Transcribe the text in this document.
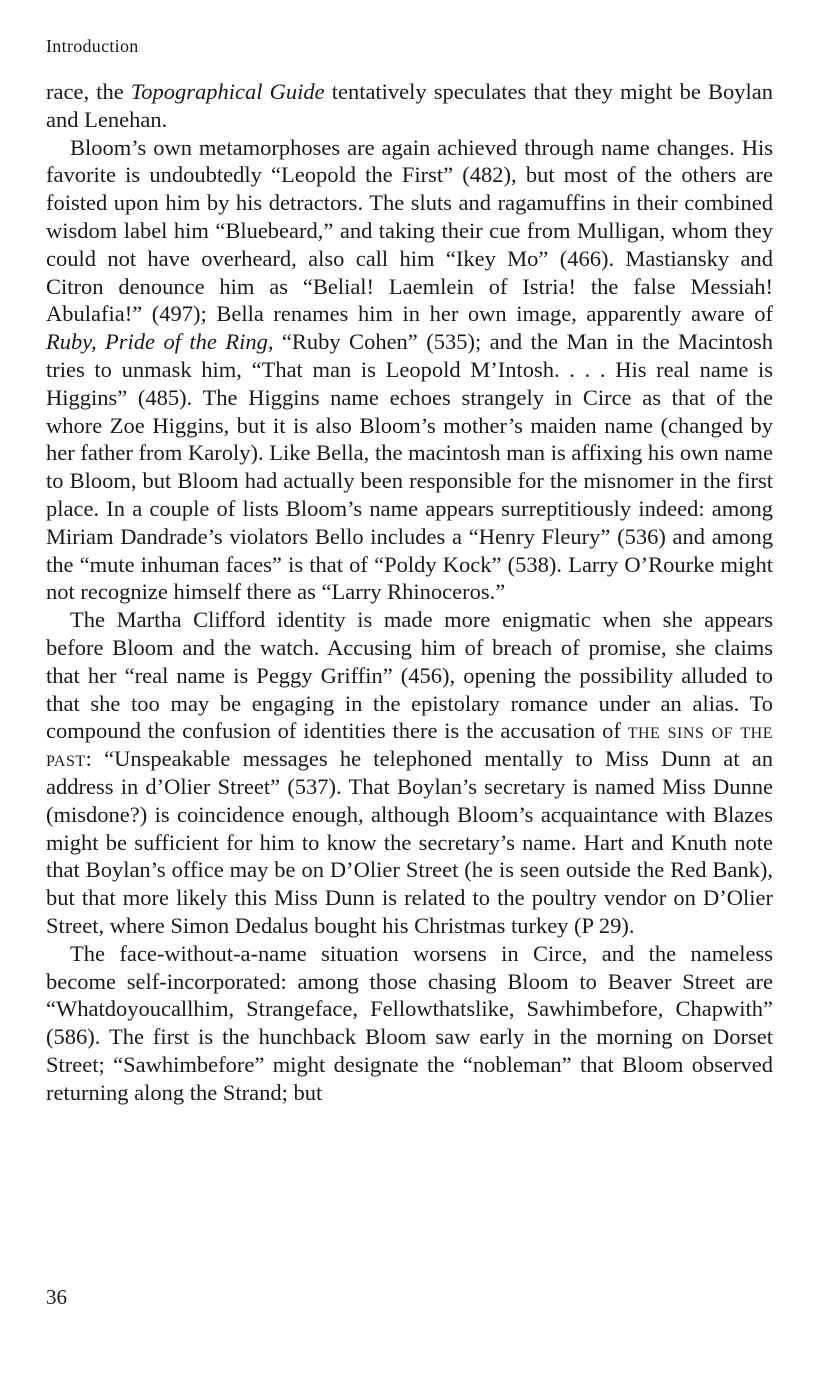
Introduction

race, the Topographical Guide tentatively speculates that they might be Boylan and Lenehan.

Bloom’s own metamorphoses are again achieved through name changes. His favorite is undoubtedly “Leopold the First” (482), but most of the others are foisted upon him by his detractors. The sluts and ragamuffins in their combined wisdom label him “Bluebeard,” and taking their cue from Mulligan, whom they could not have overheard, also call him “Ikey Mo” (466). Mastiansky and Citron denounce him as “Belial! Laemlein of Istria! the false Messiah! Abulafia!” (497); Bella renames him in her own image, apparently aware of Ruby, Pride of the Ring, “Ruby Cohen” (535); and the Man in the Macintosh tries to unmask him, “That man is Leopold M’Intosh. . . . His real name is Higgins” (485). The Higgins name echoes strangely in Circe as that of the whore Zoe Higgins, but it is also Bloom’s mother’s maiden name (changed by her father from Karoly). Like Bella, the macintosh man is affixing his own name to Bloom, but Bloom had actually been responsible for the misnomer in the first place. In a couple of lists Bloom’s name appears surreptitiously indeed: among Miriam Dandrade’s violators Bello includes a “Henry Fleury” (536) and among the “mute inhuman faces” is that of “Poldy Kock” (538). Larry O’Rourke might not recognize himself there as “Larry Rhinoceros.”

The Martha Clifford identity is made more enigmatic when she appears before Bloom and the watch. Accusing him of breach of promise, she claims that her “real name is Peggy Griffin” (456), opening the possibility alluded to that she too may be engaging in the epistolary romance under an alias. To compound the confusion of identities there is the accusation of the sins of the past: “Unspeakable messages he telephoned mentally to Miss Dunn at an address in d’Olier Street” (537). That Boylan’s secretary is named Miss Dunne (misdone?) is coincidence enough, although Bloom’s acquaintance with Blazes might be sufficient for him to know the secretary’s name. Hart and Knuth note that Boylan’s office may be on D’Olier Street (he is seen outside the Red Bank), but that more likely this Miss Dunn is related to the poultry vendor on D’Olier Street, where Simon Dedalus bought his Christmas turkey (P 29).

The face-without-a-name situation worsens in Circe, and the nameless become self-incorporated: among those chasing Bloom to Beaver Street are “Whatdoyoucallhim, Strangeface, Fellowthatslike, Sawhimbefore, Chapwith” (586). The first is the hunchback Bloom saw early in the morning on Dorset Street; “Sawhimbefore” might designate the “nobleman” that Bloom observed returning along the Strand; but

36
